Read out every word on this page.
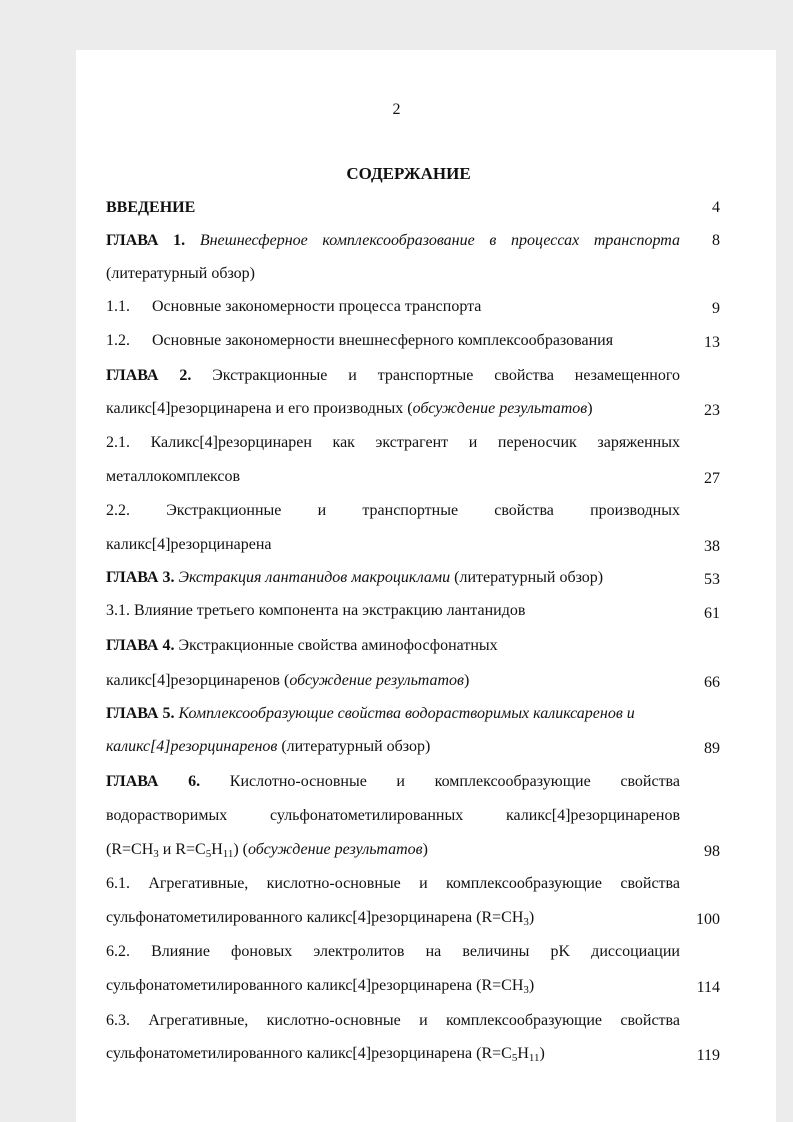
2
СОДЕРЖАНИЕ
ВВЕДЕНИЕ	4
ГЛАВА 1. Внешнесферное комплексообразование в процессах транспорта	8
(литературный обзор)
1.1. Основные закономерности процесса транспорта	9
1.2. Основные закономерности внешнесферного комплексообразования	13
ГЛАВА 2. Экстракционные и транспортные свойства незамещенного
каликс[4]резорцинарена и его производных (обсуждение результатов)	23
2.1. Каликс[4]резорцинарен как экстрагент и переносчик заряженных
металлокомплексов	27
2.2. Экстракционные и транспортные свойства производных
каликс[4]резорцинарена	38
ГЛАВА 3. Экстракция лантанидов макроциклами (литературный обзор)	53
3.1. Влияние третьего компонента на экстракцию лантанидов	61
ГЛАВА 4. Экстракционные свойства аминофосфонатных
каликс[4]резорцинаренов (обсуждение результатов)	66
ГЛАВА 5. Комплексообразующие свойства водорастворимых каликсаренов и
каликс[4]резорцинаренов (литературный обзор)	89
ГЛАВА 6. Кислотно-основные и комплексообразующие свойства
водорастворимых сульфонатометилированных каликс[4]резорцинаренов
($R=CH_3$ и $R=C_5H_{11}$) (обсуждение результатов)	98
6.1. Агрегативные, кислотно-основные и комплексообразующие свойства
сульфонатометилированного каликс[4]резорцинарена $(R=CH_3)$	100
6.2. Влияние фоновых электролитов на величины pK диссоциации
сульфонатометилированного каликс[4]резорцинарена $(R=CH_3)$	114
6.3. Агрегативные, кислотно-основные и комплексообразующие свойства
сульфонатометилированного каликс[4]резорцинарена $(R=C_5H_{11})$	119
